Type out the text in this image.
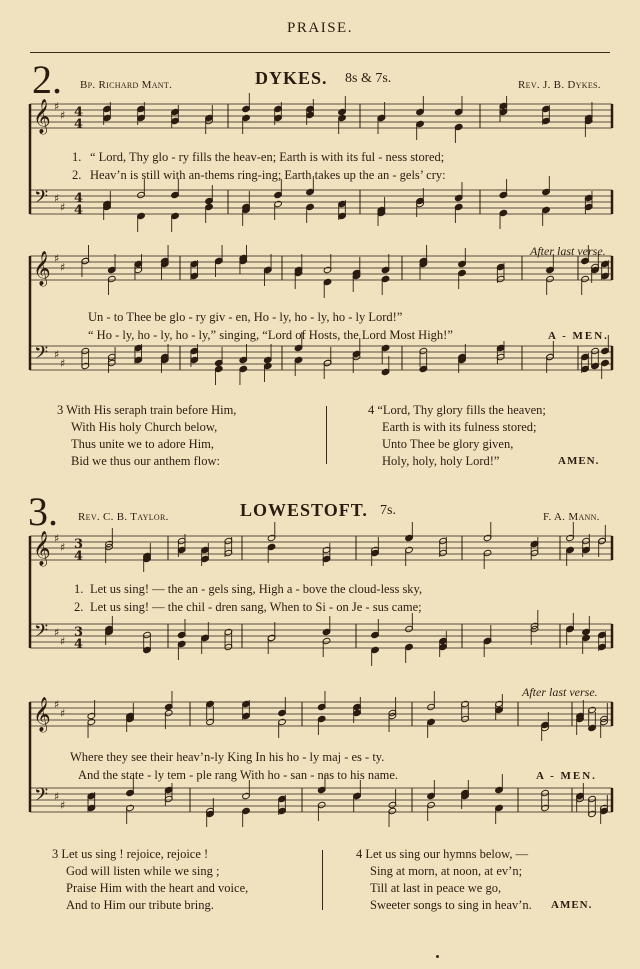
PRAISE.
2. Bp. Richard Mant.	DYKES. 8s & 7s.	Rev. J. B. Dykes.
𝄞
𝄢
♯
♯
♯
♯
4
4
4
4
𝄞
𝄢
♯
♯
♯
♯
𝄞
𝄢
♯
♯
♯
♯
3
4
3
4
𝄞
𝄢
♯
♯
♯
♯
1. “ Lord, Thy glo - ry fills the heav-en; Earth is with its ful - ness stored;
2. Heav’n is still with an-thems ring-ing; Earth takes up the an - gels’ cry:
After last verse.
Un - to Thee be glo - ry giv - en, Ho - ly, ho - ly, ho - ly Lord!”
“ Ho - ly, ho - ly, ho - ly,” singing, “Lord of Hosts, the Lord Most High!”	A - MEN.
3 With His seraph train before Him,
With His holy Church below,
Thus unite we to adore Him,
Bid we thus our anthem flow:
4 “Lord, Thy glory fills the heaven;
Earth is with its fulness stored;
Unto Thee be glory given,
Holy, holy, holy Lord!”	AMEN.
3. Rev. C. B. Taylor.	LOWESTOFT. 7s.	F. A. Mann.
1. Let us sing! — the an - gels sing, High a - bove the cloud-less sky,
2. Let us sing! — the chil - dren sang, When to Si - on Je - sus came;
After last verse.
Where they see their heav’n-ly King In his ho - ly maj - es - ty.
And the state - ly tem - ple rang With ho - san - nas to his name.	A - MEN.
3 Let us sing ! rejoice, rejoice !
God will listen while we sing ;
Praise Him with the heart and voice,
And to Him our tribute bring.
4 Let us sing our hymns below, —
Sing at morn, at noon, at ev’n;
Till at last in peace we go,
Sweeter songs to sing in heav’n. AMEN.
